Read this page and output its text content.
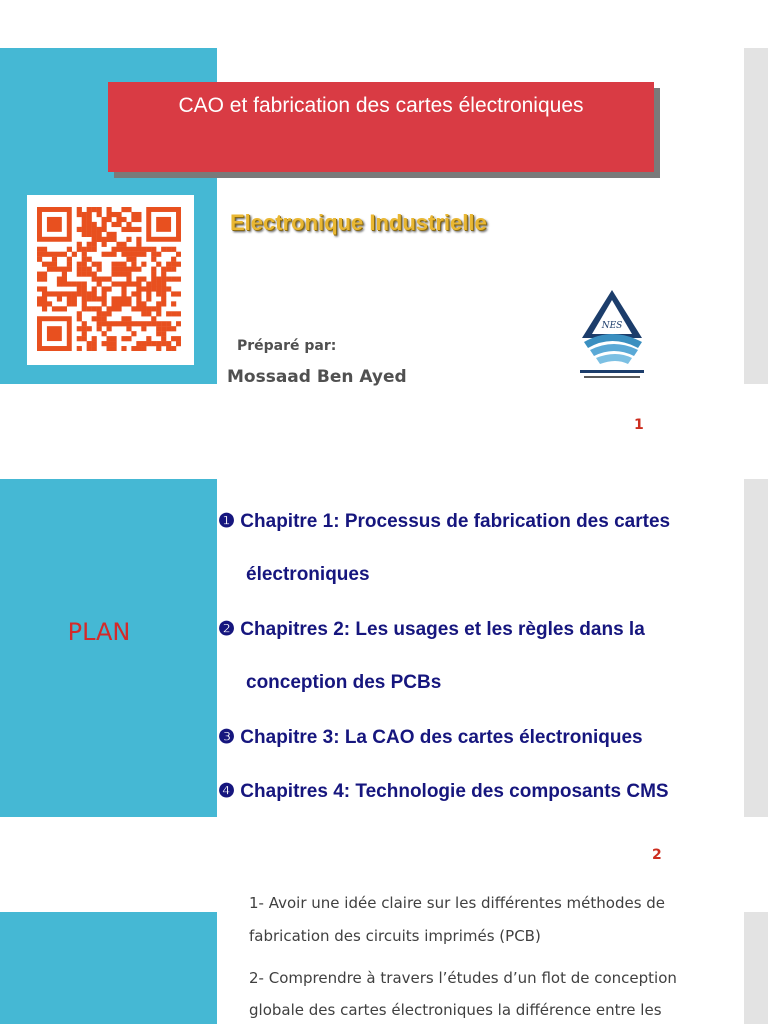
CAO et fabrication des cartes électroniques
Electronique Industrielle
Préparé par:
Mossaad Ben Ayed
NES
1
PLAN
❶ Chapitre 1: Processus de fabrication des cartes
électroniques
❷ Chapitres 2: Les usages et les règles dans la
conception des PCBs
❸ Chapitre 3: La CAO des cartes électroniques
❹ Chapitres 4: Technologie des composants CMS
2
1- Avoir une idée claire sur les différentes méthodes de
fabrication des circuits imprimés (PCB)
2- Comprendre à travers l’études d’un flot de conception
globale des cartes électroniques la différence entre les
